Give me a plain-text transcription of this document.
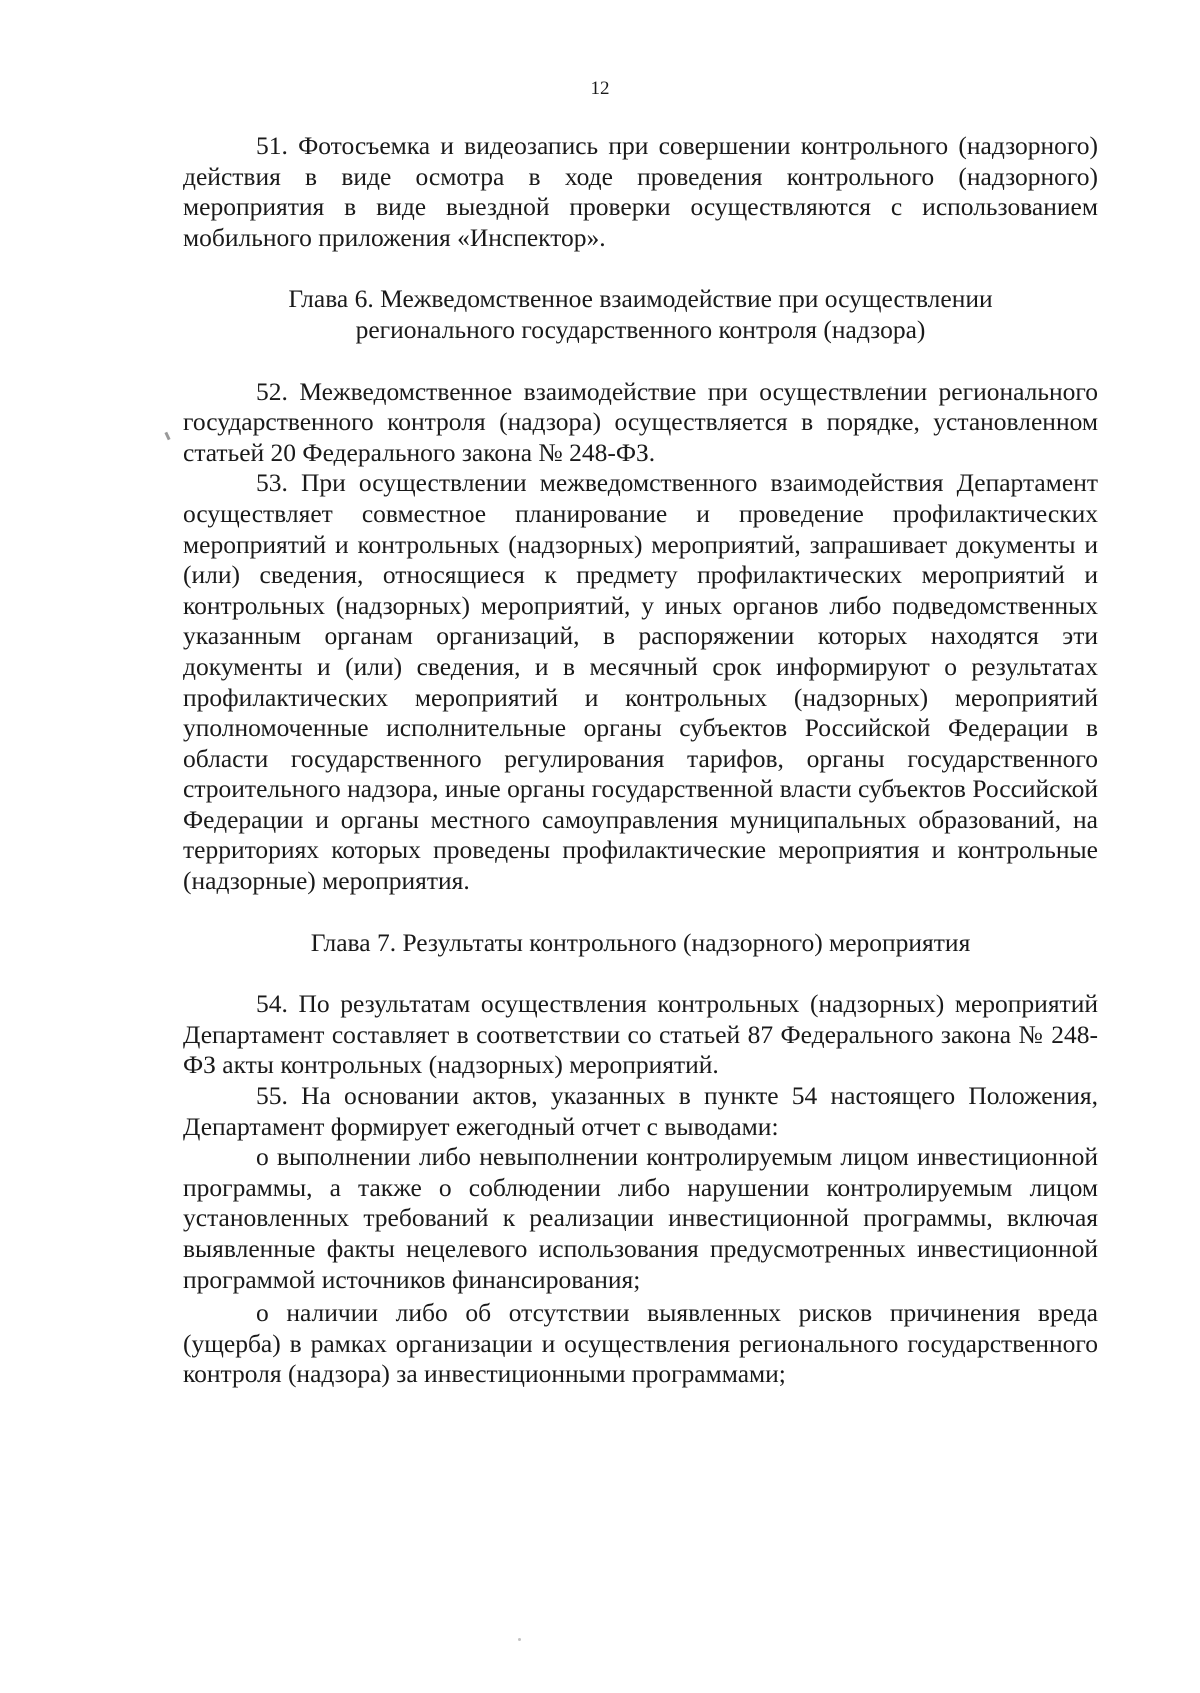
12

51. Фотосъемка и видеозапись при совершении контрольного (надзорного) действия в виде осмотра в ходе проведения контрольного (надзорного) мероприятия в виде выездной проверки осуществляются с использованием мобильного приложения «Инспектор».

Глава 6. Межведомственное взаимодействие при осуществлении

регионального государственного контроля (надзора)

52. Межведомственное взаимодействие при осуществлении регионального государственного контроля (надзора) осуществляется в порядке, установленном статьей 20 Федерального закона № 248-ФЗ.

53. При осуществлении межведомственного взаимодействия Департамент осуществляет совместное планирование и проведение профилактических мероприятий и контрольных (надзорных) мероприятий, запрашивает документы и (или) сведения, относящиеся к предмету профилактических мероприятий и контрольных (надзорных) мероприятий, у иных органов либо подведомственных указанным органам организаций, в распоряжении которых находятся эти документы и (или) сведения, и в месячный срок информируют о результатах профилактических мероприятий и контрольных (надзорных) мероприятий уполномоченные исполнительные органы субъектов Российской Федерации в области государственного регулирования тарифов, органы государственного строительного надзора, иные органы государственной власти субъектов Российской Федерации и органы местного самоуправления муниципальных образований, на территориях которых проведены профилактические мероприятия и контрольные (надзорные) мероприятия.

Глава 7. Результаты контрольного (надзорного) мероприятия

54. По результатам осуществления контрольных (надзорных) мероприятий Департамент составляет в соответствии со статьей 87 Федерального закона № 248-ФЗ акты контрольных (надзорных) мероприятий.

55. На основании актов, указанных в пункте 54 настоящего Положения, Департамент формирует ежегодный отчет с выводами:

о выполнении либо невыполнении контролируемым лицом инвестиционной программы, а также о соблюдении либо нарушении контролируемым лицом установленных требований к реализации инвестиционной программы, включая выявленные факты нецелевого использования предусмотренных инвестиционной программой источников финансирования;

о наличии либо об отсутствии выявленных рисков причинения вреда (ущерба) в рамках организации и осуществления регионального государственного контроля (надзора) за инвестиционными программами;
